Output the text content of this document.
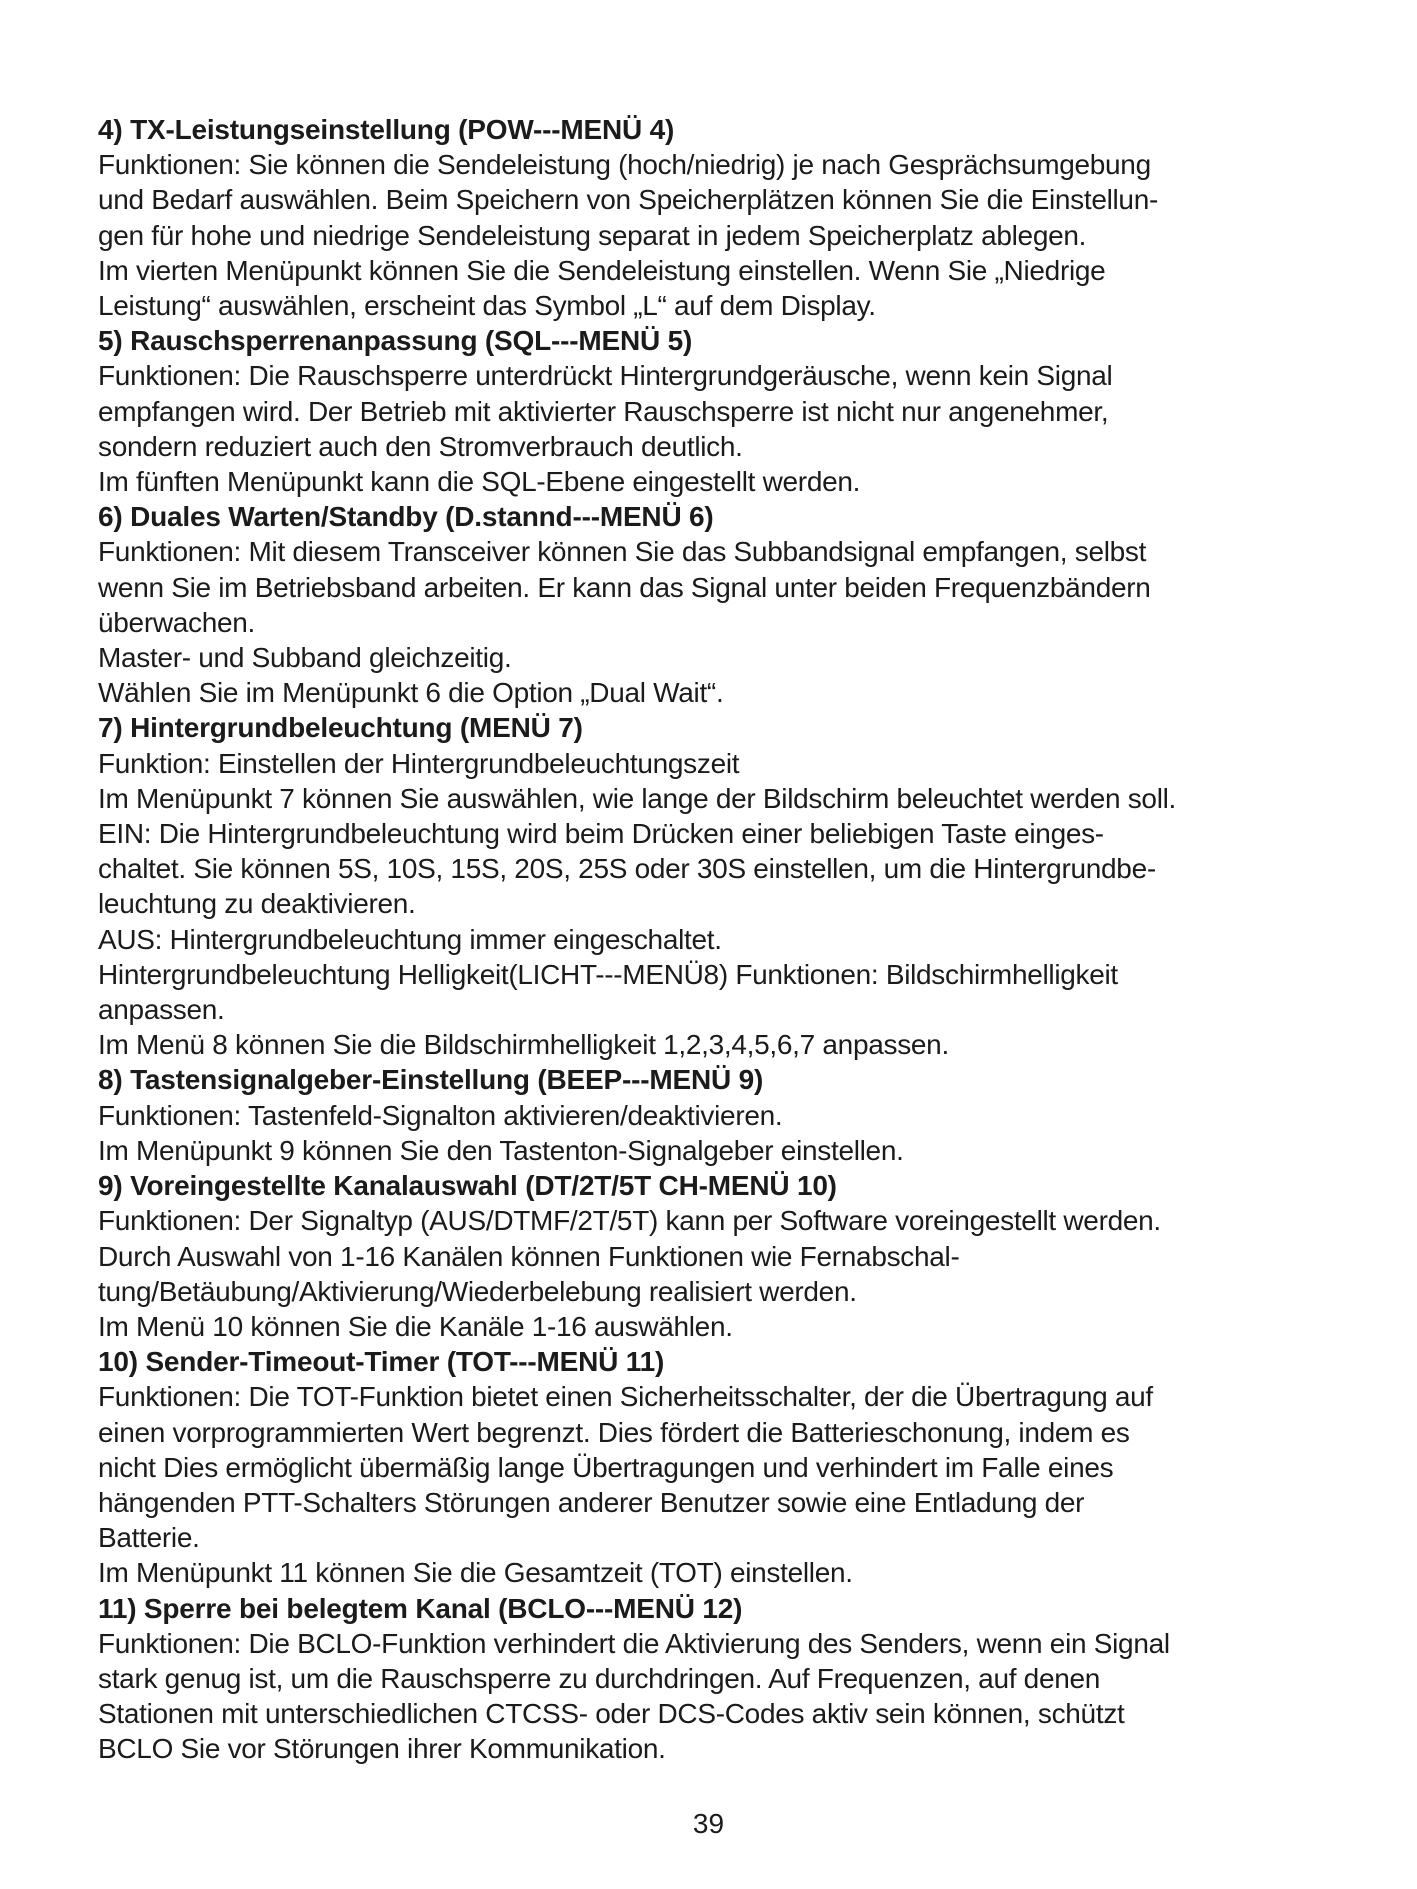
4) TX-Leistungseinstellung (POW---MENÜ 4)
Funktionen: Sie können die Sendeleistung (hoch/niedrig) je nach Gesprächsumgebung
und Bedarf auswählen. Beim Speichern von Speicherplätzen können Sie die Einstellun-
gen für hohe und niedrige Sendeleistung separat in jedem Speicherplatz ablegen.
Im vierten Menüpunkt können Sie die Sendeleistung einstellen. Wenn Sie „Niedrige
Leistung“ auswählen, erscheint das Symbol „L“ auf dem Display.
5) Rauschsperrenanpassung (SQL---MENÜ 5)
Funktionen: Die Rauschsperre unterdrückt Hintergrundgeräusche, wenn kein Signal
empfangen wird. Der Betrieb mit aktivierter Rauschsperre ist nicht nur angenehmer,
sondern reduziert auch den Stromverbrauch deutlich.
Im fünften Menüpunkt kann die SQL-Ebene eingestellt werden.
6) Duales Warten/Standby (D.stannd---MENÜ 6)
Funktionen: Mit diesem Transceiver können Sie das Subbandsignal empfangen, selbst
wenn Sie im Betriebsband arbeiten. Er kann das Signal unter beiden Frequenzbändern
überwachen.
Master- und Subband gleichzeitig.
Wählen Sie im Menüpunkt 6 die Option „Dual Wait“.
7) Hintergrundbeleuchtung (MENÜ 7)
Funktion: Einstellen der Hintergrundbeleuchtungszeit
Im Menüpunkt 7 können Sie auswählen, wie lange der Bildschirm beleuchtet werden soll.
EIN: Die Hintergrundbeleuchtung wird beim Drücken einer beliebigen Taste einges-
chaltet. Sie können 5S, 10S, 15S, 20S, 25S oder 30S einstellen, um die Hintergrundbe-
leuchtung zu deaktivieren.
AUS: Hintergrundbeleuchtung immer eingeschaltet.
Hintergrundbeleuchtung Helligkeit(LICHT---MENÜ8) Funktionen: Bildschirmhelligkeit
anpassen.
Im Menü 8 können Sie die Bildschirmhelligkeit 1,2,3,4,5,6,7 anpassen.
8) Tastensignalgeber-Einstellung (BEEP---MENÜ 9)
Funktionen: Tastenfeld-Signalton aktivieren/deaktivieren.
Im Menüpunkt 9 können Sie den Tastenton-Signalgeber einstellen.
9) Voreingestellte Kanalauswahl (DT/2T/5T CH-MENÜ 10)
Funktionen: Der Signaltyp (AUS/DTMF/2T/5T) kann per Software voreingestellt werden.
Durch Auswahl von 1-16 Kanälen können Funktionen wie Fernabschal-
tung/Betäubung/Aktivierung/Wiederbelebung realisiert werden.
Im Menü 10 können Sie die Kanäle 1-16 auswählen.
10) Sender-Timeout-Timer (TOT---MENÜ 11)
Funktionen: Die TOT-Funktion bietet einen Sicherheitsschalter, der die Übertragung auf
einen vorprogrammierten Wert begrenzt. Dies fördert die Batterieschonung, indem es
nicht Dies ermöglicht übermäßig lange Übertragungen und verhindert im Falle eines
hängenden PTT-Schalters Störungen anderer Benutzer sowie eine Entladung der
Batterie.
Im Menüpunkt 11 können Sie die Gesamtzeit (TOT) einstellen.
11) Sperre bei belegtem Kanal (BCLO---MENÜ 12)
Funktionen: Die BCLO-Funktion verhindert die Aktivierung des Senders, wenn ein Signal
stark genug ist, um die Rauschsperre zu durchdringen. Auf Frequenzen, auf denen
Stationen mit unterschiedlichen CTCSS- oder DCS-Codes aktiv sein können, schützt
BCLO Sie vor Störungen ihrer Kommunikation.
39
